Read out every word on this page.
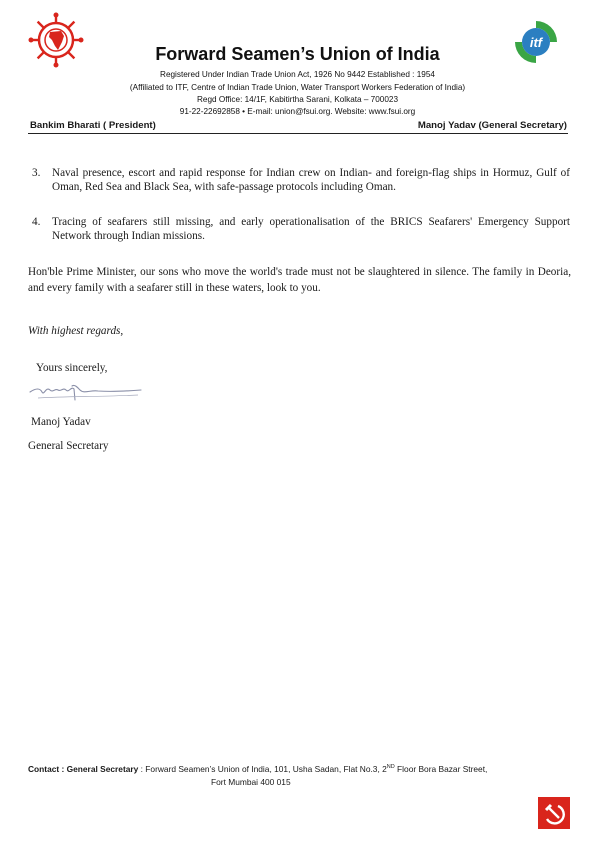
itf
Forward Seamen’s Union of India
Registered Under Indian Trade Union Act, 1926 No 9442 Established : 1954
(Affiliated to ITF, Centre of Indian Trade Union, Water Transport Workers Federation of India)
Regd Office: 14/1F, Kabitirtha Sarani, Kolkata – 700023
91-22-22692858 • E-mail: union@fsui.org. Website: www.fsui.org
Bankim Bharati ( President)	Manoj Yadav (General Secretary)
3.	Naval presence, escort and rapid response for Indian crew on Indian- and foreign-flag ships in Hormuz, Gulf of Oman, Red Sea and Black Sea, with safe-passage protocols including Oman.
4.	Tracing of seafarers still missing, and early operationalisation of the BRICS Seafarers' Emergency Support Network through Indian missions.
Hon'ble Prime Minister, our sons who move the world's trade must not be slaughtered in silence. The family in Deoria, and every family with a seafarer still in these waters, look to you.
With highest regards,
Yours sincerely,
Manoj Yadav
General Secretary
Contact : General Secretary : Forward Seamen’s Union of India, 101, Usha Sadan, Flat No.3, 2ND Floor Bora Bazar Street,
Fort Mumbai 400 015
